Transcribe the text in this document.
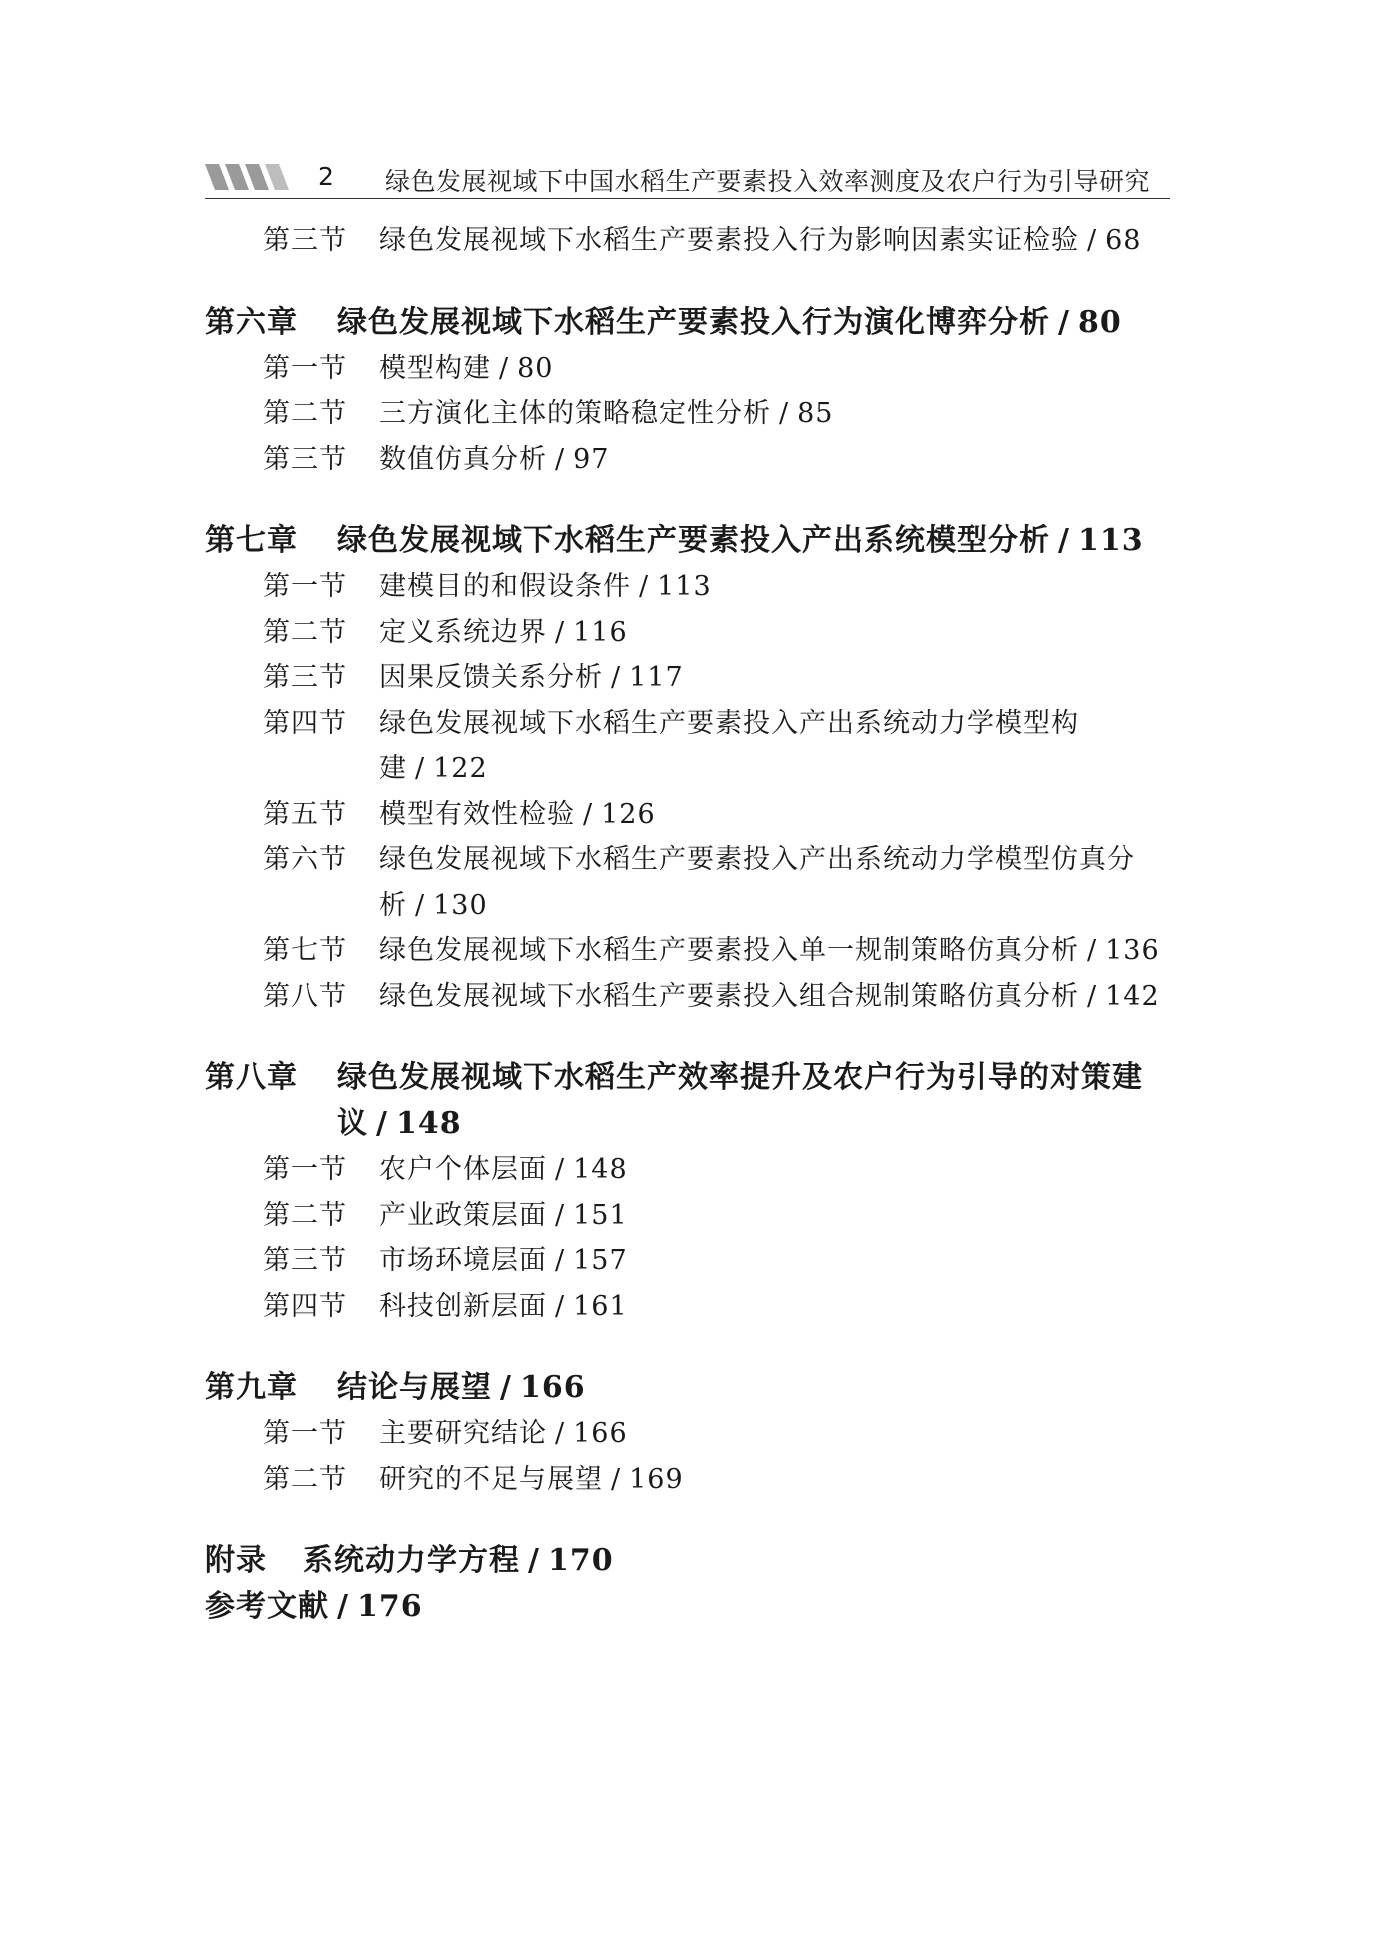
2 绿色发展视域下中国水稻生产要素投入效率测度及农户行为引导研究
第三节	绿色发展视域下水稻生产要素投入行为影响因素实证检验 / 68
第六章	绿色发展视域下水稻生产要素投入行为演化博弈分析 / 80
第一节	模型构建 / 80
第二节	三方演化主体的策略稳定性分析 / 85
第三节	数值仿真分析 / 97
第七章	绿色发展视域下水稻生产要素投入产出系统模型分析 / 113
第一节	建模目的和假设条件 / 113
第二节	定义系统边界 / 116
第三节	因果反馈关系分析 / 117
第四节	绿色发展视域下水稻生产要素投入产出系统动力学模型构建 / 122
第五节	模型有效性检验 / 126
第六节	绿色发展视域下水稻生产要素投入产出系统动力学模型仿真分析 / 130
第七节	绿色发展视域下水稻生产要素投入单一规制策略仿真分析 / 136
第八节	绿色发展视域下水稻生产要素投入组合规制策略仿真分析 / 142
第八章	绿色发展视域下水稻生产效率提升及农户行为引导的对策建议 / 148
第一节	农户个体层面 / 148
第二节	产业政策层面 / 151
第三节	市场环境层面 / 157
第四节	科技创新层面 / 161
第九章	结论与展望 / 166
第一节	主要研究结论 / 166
第二节	研究的不足与展望 / 169
附录	系统动力学方程 / 170
参考文献 / 176
